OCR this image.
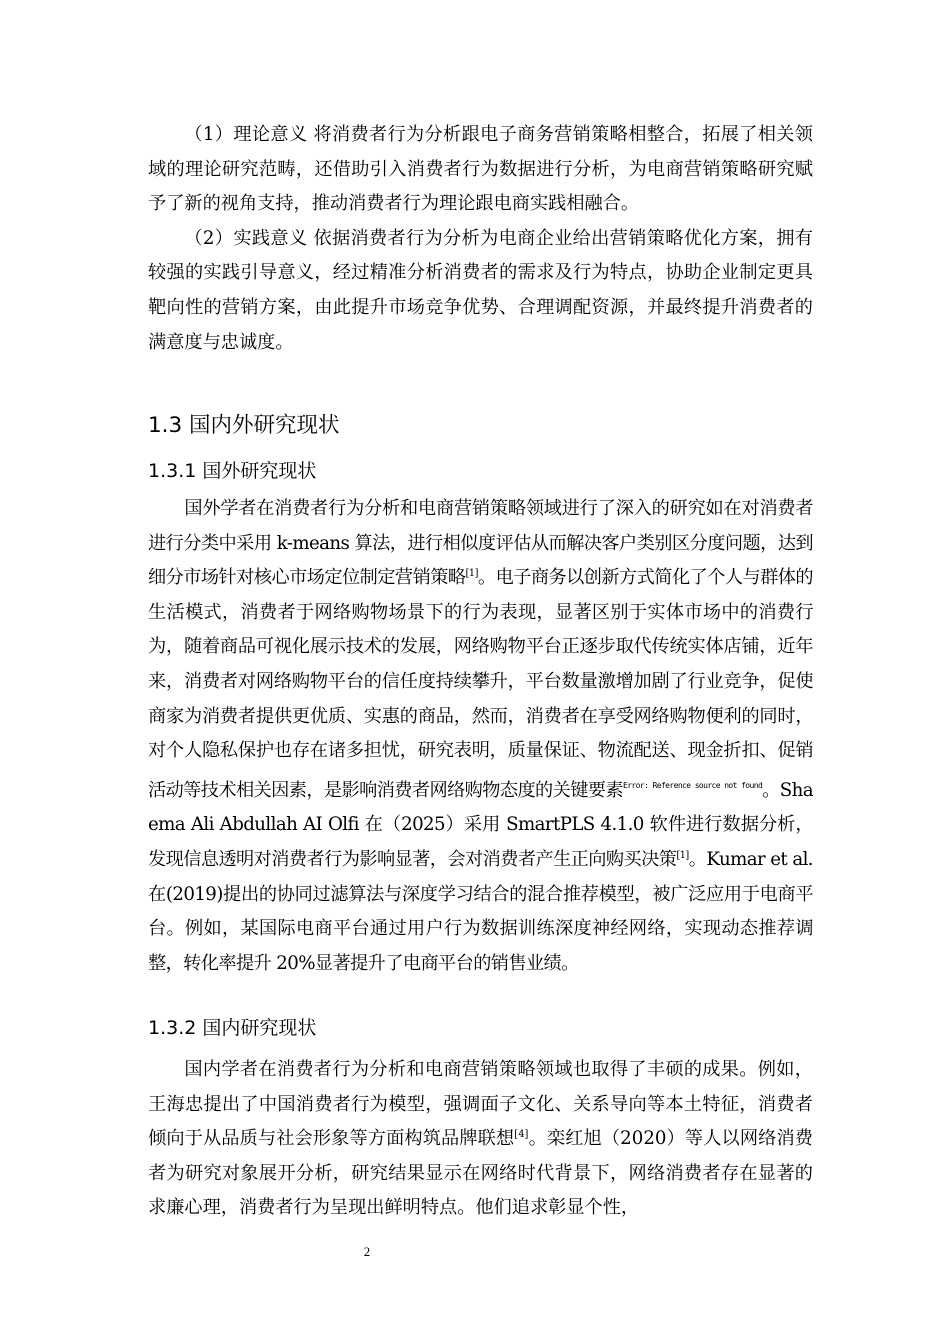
（1）理论意义 将消费者行为分析跟电子商务营销策略相整合，拓展了相关领域的理论研究范畴，还借助引入消费者行为数据进行分析，为电商营销策略研究赋予了新的视角支持，推动消费者行为理论跟电商实践相融合。

（2）实践意义 依据消费者行为分析为电商企业给出营销策略优化方案，拥有较强的实践引导意义，经过精准分析消费者的需求及行为特点，协助企业制定更具靶向性的营销方案，由此提升市场竞争优势、合理调配资源，并最终提升消费者的满意度与忠诚度。

1.3 国内外研究现状
1.3.1 国外研究现状

国外学者在消费者行为分析和电商营销策略领域进行了深入的研究如在对消费者进行分类中采用 k-means 算法，进行相似度评估从而解决客户类别区分度问题，达到细分市场针对核心市场定位制定营销策略[1]。电子商务以创新方式简化了个人与群体的生活模式，消费者于网络购物场景下的行为表现，显著区别于实体市场中的消费行为，随着商品可视化展示技术的发展，网络购物平台正逐步取代传统实体店铺，近年来，消费者对网络购物平台的信任度持续攀升，平台数量激增加剧了行业竞争，促使商家为消费者提供更优质、实惠的商品，然而，消费者在享受网络购物便利的同时，对个人隐私保护也存在诸多担忧，研究表明，质量保证、物流配送、现金折扣、促销活动等技术相关因素，是影响消费者网络购物态度的关键要素$^{Error: Reference source not found}$。Shaema Ali Abdullah AI Olfi 在（2025）采用 SmartPLS 4.1.0 软件进行数据分析，发现信息透明对消费者行为影响显著，会对消费者产生正向购买决策[1]。Kumar et al. 在(2019)提出的协同过滤算法与深度学习结合的混合推荐模型，被广泛应用于电商平台。例如，某国际电商平台通过用户行为数据训练深度神经网络，实现动态推荐调整，转化率提升 20%显著提升了电商平台的销售业绩。

1.3.2 国内研究现状

国内学者在消费者行为分析和电商营销策略领域也取得了丰硕的成果。例如，王海忠提出了中国消费者行为模型，强调面子文化、关系导向等本土特征，消费者倾向于从品质与社会形象等方面构筑品牌联想[4]。栾红旭（2020）等人以网络消费者为研究对象展开分析，研究结果显示在网络时代背景下，网络消费者存在显著的求廉心理，消费者行为呈现出鲜明特点。他们追求彰显个性，

2
